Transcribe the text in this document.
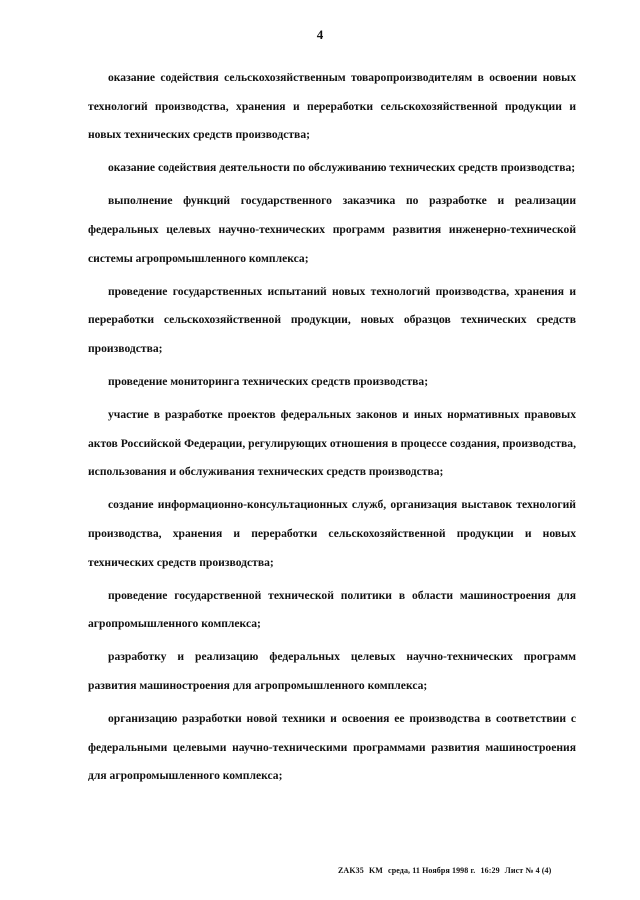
4

оказание содействия сельскохозяйственным товаропроизводителям в освоении новых технологий производства, хранения и переработки сельскохозяйственной продукции и новых технических средств производства;

оказание содействия деятельности по обслуживанию технических средств производства;

выполнение функций государственного заказчика по разработке и реализации федеральных целевых научно-технических программ развития инженерно-технической системы агропромышленного комплекса;

проведение государственных испытаний новых технологий производства, хранения и переработки сельскохозяйственной продукции, новых образцов технических средств производства;

проведение мониторинга технических средств производства;

участие в разработке проектов федеральных законов и иных нормативных правовых актов Российской Федерации, регулирующих отношения в процессе создания, производства, использования и обслуживания технических средств производства;

создание информационно-консультационных служб, организация выставок технологий производства, хранения и переработки сельскохозяйственной продукции и новых технических средств производства;

проведение государственной технической политики в области машиностроения для агропромышленного комплекса;

разработку и реализацию федеральных целевых научно-технических программ развития машиностроения для агропромышленного комплекса;

организацию разработки новой техники и освоения ее производства в соответствии с федеральными целевыми научно-техническими программами развития машиностроения для агропромышленного комплекса;

ZAK35 KM среда, 11 Ноября 1998 г. 16:29 Лист № 4 (4)
